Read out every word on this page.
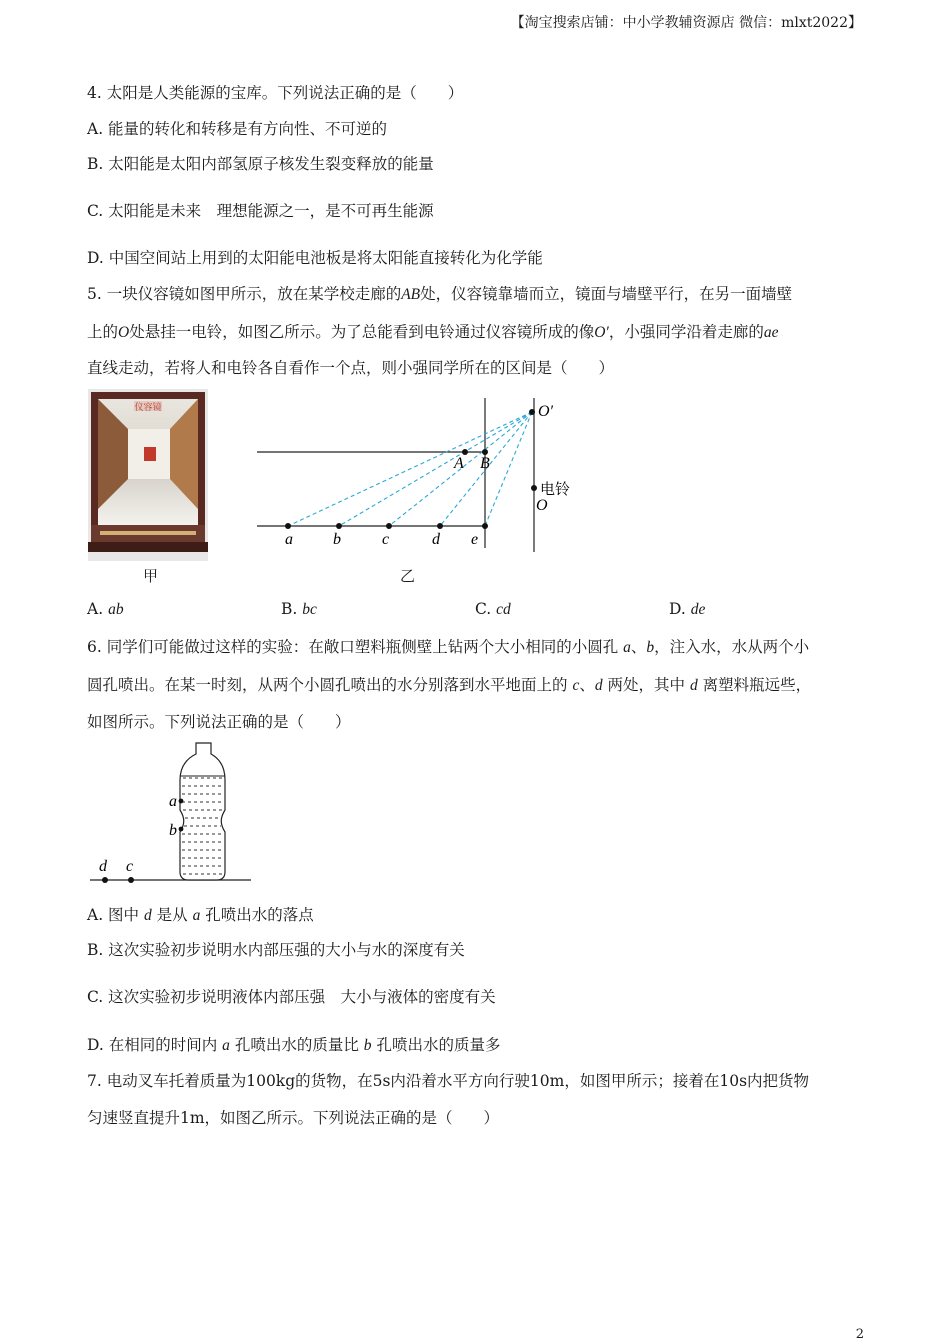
【淘宝搜索店铺：中小学教辅资源店 微信：mlxt2022】
4. 太阳是人类能源的宝库。下列说法正确的是（　　）
A. 能量的转化和转移是有方向性、不可逆的
B. 太阳能是太阳内部氢原子核发生裂变释放的能量
C. 太阳能是未来　理想能源之一，是不可再生能源
D. 中国空间站上用到的太阳能电池板是将太阳能直接转化为化学能
5. 一块仪容镜如图甲所示，放在某学校走廊的AB处，仪容镜靠墙而立，镜面与墙壁平行，在另一面墙壁
上的O处悬挂一电铃，如图乙所示。为了总能看到电铃通过仪容镜所成的像O′，小强同学沿着走廊的ae
直线走动，若将人和电铃各自看作一个点，则小强同学所在的区间是（　　）
仪容镜
甲
a	b	c	d e
A B
O′
电铃
O
乙
A. ab	B. bc	C. cd	D. de
6. 同学们可能做过这样的实验：在敞口塑料瓶侧壁上钻两个大小相同的小圆孔 a、b，注入水，水从两个小
圆孔喷出。在某一时刻，从两个小圆孔喷出的水分别落到水平地面上的 c、d 两处，其中 d 离塑料瓶远些，
如图所示。下列说法正确的是（　　）
a
b
d c
A. 图中 d 是从 a 孔喷出水的落点
B. 这次实验初步说明水内部压强的大小与水的深度有关
C. 这次实验初步说明液体内部压强　大小与液体的密度有关
D. 在相同的时间内 a 孔喷出水的质量比 b 孔喷出水的质量多
7. 电动叉车托着质量为100kg的货物，在5s内沿着水平方向行驶10m，如图甲所示；接着在10s内把货物
匀速竖直提升1m，如图乙所示。下列说法正确的是（　　）
2
